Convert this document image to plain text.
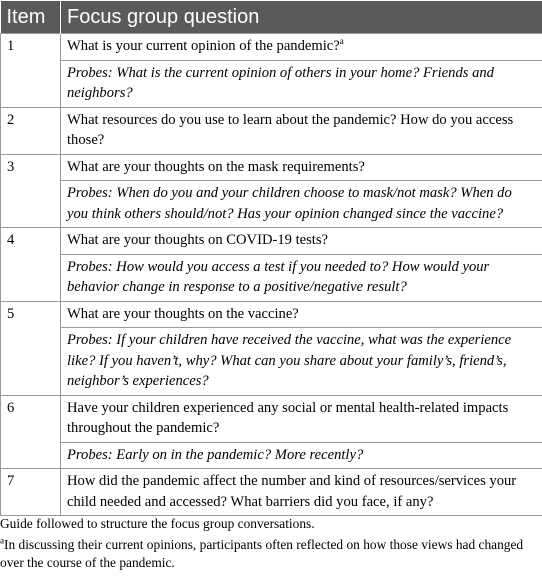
Item	Focus group question
1	What is your current opinion of the pandemic?$^a$
	Probes: What is the current opinion of others in your home? Friends and neighbors?
2	What resources do you use to learn about the pandemic? How do you access those?
3	What are your thoughts on the mask requirements?
	Probes: When do you and your children choose to mask/not mask? When do you think others should/not? Has your opinion changed since the vaccine?
4	What are your thoughts on COVID-19 tests?
	Probes: How would you access a test if you needed to? How would your behavior change in response to a positive/negative result?
5	What are your thoughts on the vaccine?
	Probes: If your children have received the vaccine, what was the experience like? If you haven’t, why? What can you share about your family’s, friend’s, neighbor’s experiences?
6	Have your children experienced any social or mental health-related impacts throughout the pandemic?
	Probes: Early on in the pandemic? More recently?
7	How did the pandemic affect the number and kind of resources/services your child needed and accessed? What barriers did you face, if any?

Guide followed to structure the focus group conversations.

$^a$In discussing their current opinions, participants often reflected on how those views had changed over the course of the pandemic.
